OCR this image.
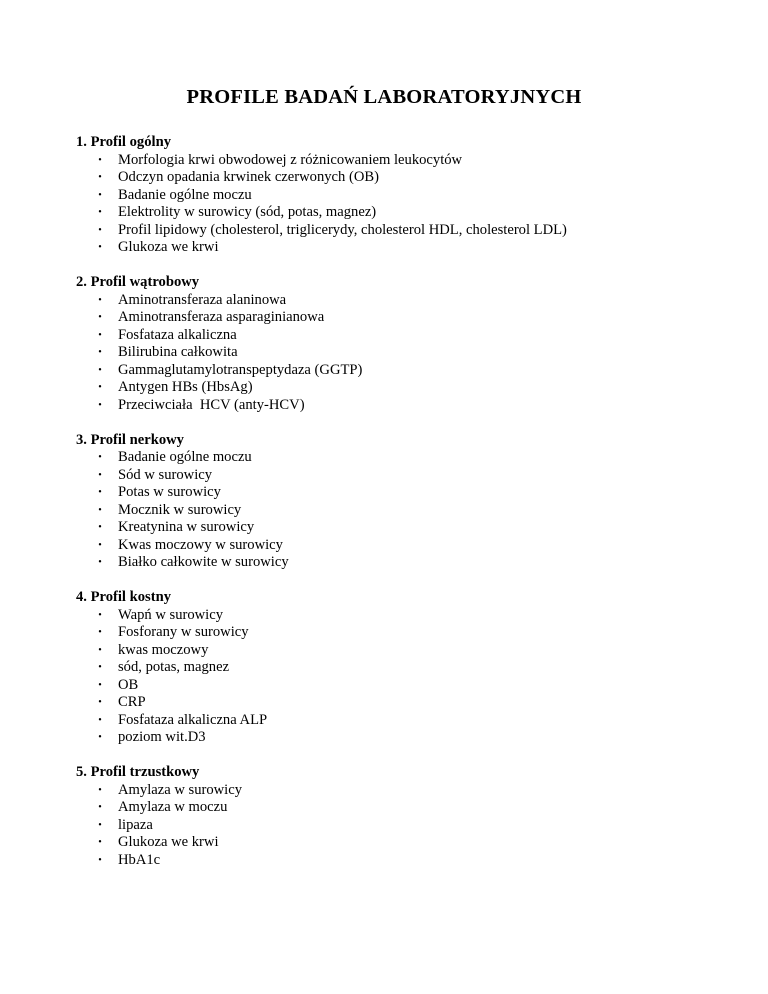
PROFILE BADAŃ LABORATORYJNYCH
1. Profil ogólny
• Morfologia krwi obwodowej z różnicowaniem leukocytów
• Odczyn opadania krwinek czerwonych (OB)
• Badanie ogólne moczu
• Elektrolity w surowicy (sód, potas, magnez)
• Profil lipidowy (cholesterol, triglicerydy, cholesterol HDL, cholesterol LDL)
• Glukoza we krwi
2. Profil wątrobowy
• Aminotransferaza alaninowa
• Aminotransferaza asparaginianowa
• Fosfataza alkaliczna
• Bilirubina całkowita
• Gammaglutamylotranspeptydaza (GGTP)
• Antygen HBs (HbsAg)
• Przeciwciała  HCV (anty-HCV)
3. Profil nerkowy
• Badanie ogólne moczu
• Sód w surowicy
• Potas w surowicy
• Mocznik w surowicy
• Kreatynina w surowicy
• Kwas moczowy w surowicy
• Białko całkowite w surowicy
4. Profil kostny
• Wapń w surowicy
• Fosforany w surowicy
• kwas moczowy
• sód, potas, magnez
• OB
• CRP
• Fosfataza alkaliczna ALP
• poziom wit.D3
5. Profil trzustkowy
• Amylaza w surowicy
• Amylaza w moczu
• lipaza
• Glukoza we krwi
• HbA1c
